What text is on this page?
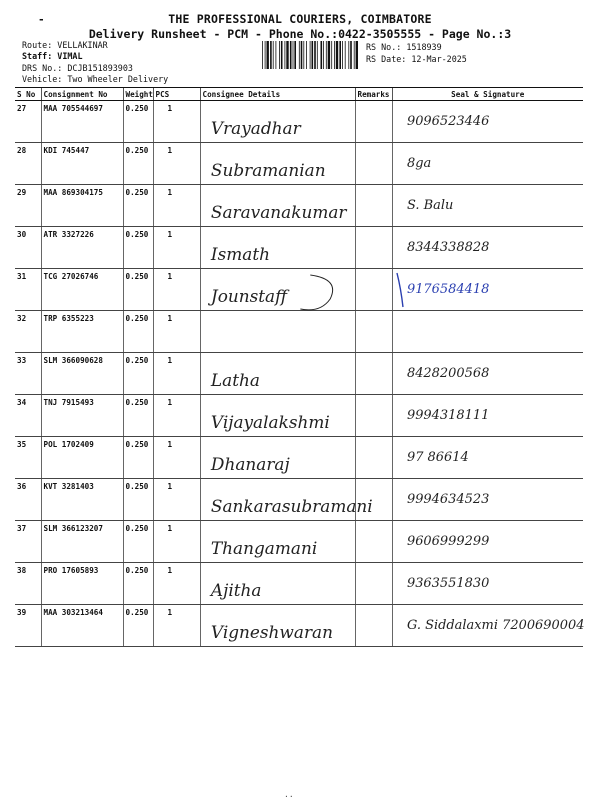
-	THE PROFESSIONAL COURIERS, COIMBATORE
Delivery Runsheet - PCM - Phone No.:0422-3505555 - Page No.:3
Route: VELLAKINAR
Staff: VIMAL
DRS No.: DCJB151893903
Vehicle: Two Wheeler Delivery
RS No.: 1518939
RS Date: 12-Mar-2025
S No	Consignment No	Weight	PCS	Consignee Details	Remarks	Seal & Signature
27	MAA 705544697	0.250	1	Vrayadhar		9096523446

28	KDI 745447	0.250	1	Subramanian		8ga

29	MAA 869304175	0.250	1	Saravanakumar		S. Balu

30	ATR 3327226	0.250	1	Ismath		8344338828

31	TCG 27026746	0.250	1	Jounstaff		9176584418

32	TRP 6355223	0.250	1	

33	SLM 366090628	0.250	1	Latha		8428200568

34	TNJ 7915493	0.250	1	Vijayalakshmi		9994318111

35	POL 1702409	0.250	1	Dhanaraj		97 86614

36	KVT 3281403	0.250	1	Sankarasubramani		9994634523

37	SLM 366123207	0.250	1	Thangamani		9606999299

38	PRO 17605893	0.250	1	Ajitha		9363551830

39	MAA 303213464	0.250	1	Vigneshwaran		G. Siddalaxmi 7200690004
··
